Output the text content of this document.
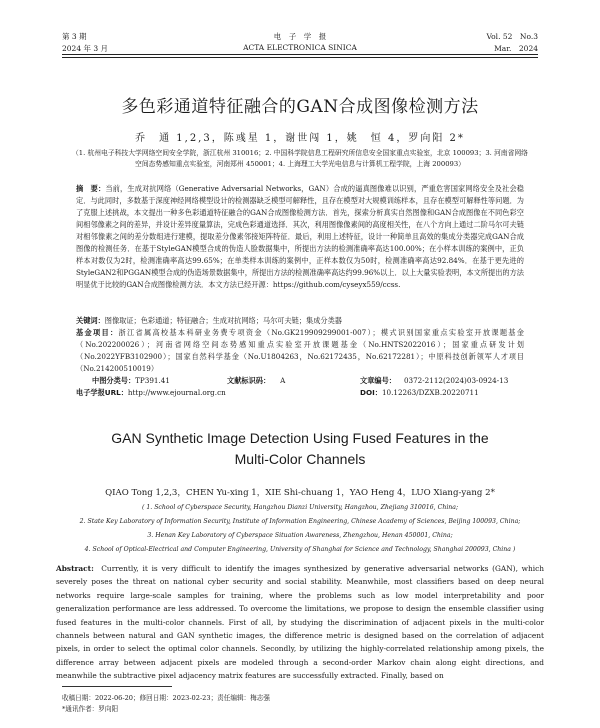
第 3 期	电　子　学　报	Vol. 52　No.3
2024 年 3 月	ACTA ELECTRONICA SINICA	Mar.　2024
多色彩通道特征融合的GAN合成图像检测方法
乔　通 1,2,3，陈彧星 1，谢世闯 1，姚　恒 4，罗向阳 2*
（1. 杭州电子科技大学网络空间安全学院，浙江杭州 310016；2. 中国科学院信息工程研究所信息安全国家重点实验室，北京 100093；3. 河南省网络空间态势感知重点实验室，河南郑州 450001；4. 上海理工大学光电信息与计算机工程学院，上海 200093）
摘　要：当前，生成对抗网络（Generative Adversarial Networks，GAN）合成的逼真图像难以识别，严重危害国家网络安全及社会稳定．与此同时，多数基于深度神经网络模型设计的检测器缺乏模型可解释性，且存在模型对大规模训练样本，且存在模型可解释性等问题．为了克服上述挑战，本文提出一种多色彩通道特征融合的GAN合成图像检测方法．首先，探索分析真实自然图像和GAN合成图像在不同色彩空间相邻像素之间的差异，并设计差异度量算法，完成色彩通道选择．其次，利用图像像素间的高度相关性，在八个方向上通过二阶马尔可夫链对相邻像素之间的差分数组进行建模，提取差分像素邻接矩阵特征．最后，利用上述特征，设计一种简单且高效的集成分类器完成GAN合成图像的检测任务．在基于StyleGAN模型合成的伪造人脸数据集中，所提出方法的检测准确率高达100.00%；在小样本训练的案例中，正负样本对数仅为2时，检测准确率高达99.65%；在单类样本训练的案例中，正样本数仅为50时，检测准确率高达92.84%．在基于更先进的StyleGAN2和PGGAN模型合成的伪造场景数据集中，所提出方法的检测准确率高达约99.96%以上．以上大量实验表明，本文所提出的方法明显优于比较的GAN合成图像检测方法．本文方法已经开源：https://github.com/cyseyx559/ccss.
关键词：图像取证；色彩通道；特征融合；生成对抗网络；马尔可夫链；集成分类器
基金项目：浙江省属高校基本科研业务费专项资金（No.GK219909299001-007）；模式识别国家重点实验室开放课题基金（No.202200026）；河南省网络空间态势感知重点实验室开放课题基金（No.HNTS2022016）；国家重点研发计划（No.2022YFB3102900）；国家自然科学基金（No.U1804263，No.62172435，No.62172281）；中原科技创新领军人才项目（No.214200510019）
中图分类号：TP391.41	文献标识码： A	文章编号： 0372-2112(2024)03-0924-13
电子学报URL：http://www.ejournal.org.cn	DOI：10.12263/DZXB.20220711
GAN Synthetic Image Detection Using Fused Features in the
Multi-Color Channels
QIAO Tong 1,2,3，CHEN Yu-xing 1，XIE Shi-chuang 1，YAO Heng 4，LUO Xiang-yang 2*
( 1. School of Cyberspace Security, Hangzhou Dianzi University, Hangzhou, Zhejiang 310016, China;
2. State Key Laboratory of Information Security, Institute of Information Engineering, Chinese Academy of Sciences, Beijing 100093, China;
3. Henan Key Laboratory of Cyberspace Situation Awareness, Zhengzhou, Henan 450001, China;
4. School of Optical-Electrical and Computer Engineering, University of Shanghai for Science and Technology, Shanghai 200093, China )
Abstract: Currently, it is very difficult to identify the images synthesized by generative adversarial networks (GAN), which severely poses the threat on national cyber security and social stability. Meanwhile, most classifiers based on deep neural networks require large-scale samples for training, where the problems such as low model interpretability and poor generalization performance are less addressed. To overcome the limitations, we propose to design the ensemble classifier using fused features in the multi-color channels. First of all, by studying the discrimination of adjacent pixels in the multi-color channels between natural and GAN synthetic images, the difference metric is designed based on the correlation of adjacent pixels, in order to select the optimal color channels. Secondly, by utilizing the highly-correlated relationship among pixels, the difference array between adjacent pixels are modeled through a second-order Markov chain along eight directions, and meanwhile the subtractive pixel adjacency matrix features are successfully extracted. Finally, based on
收稿日期：2022-06-20；修回日期：2023-02-23；责任编辑：梅志强
*通讯作者：罗向阳
